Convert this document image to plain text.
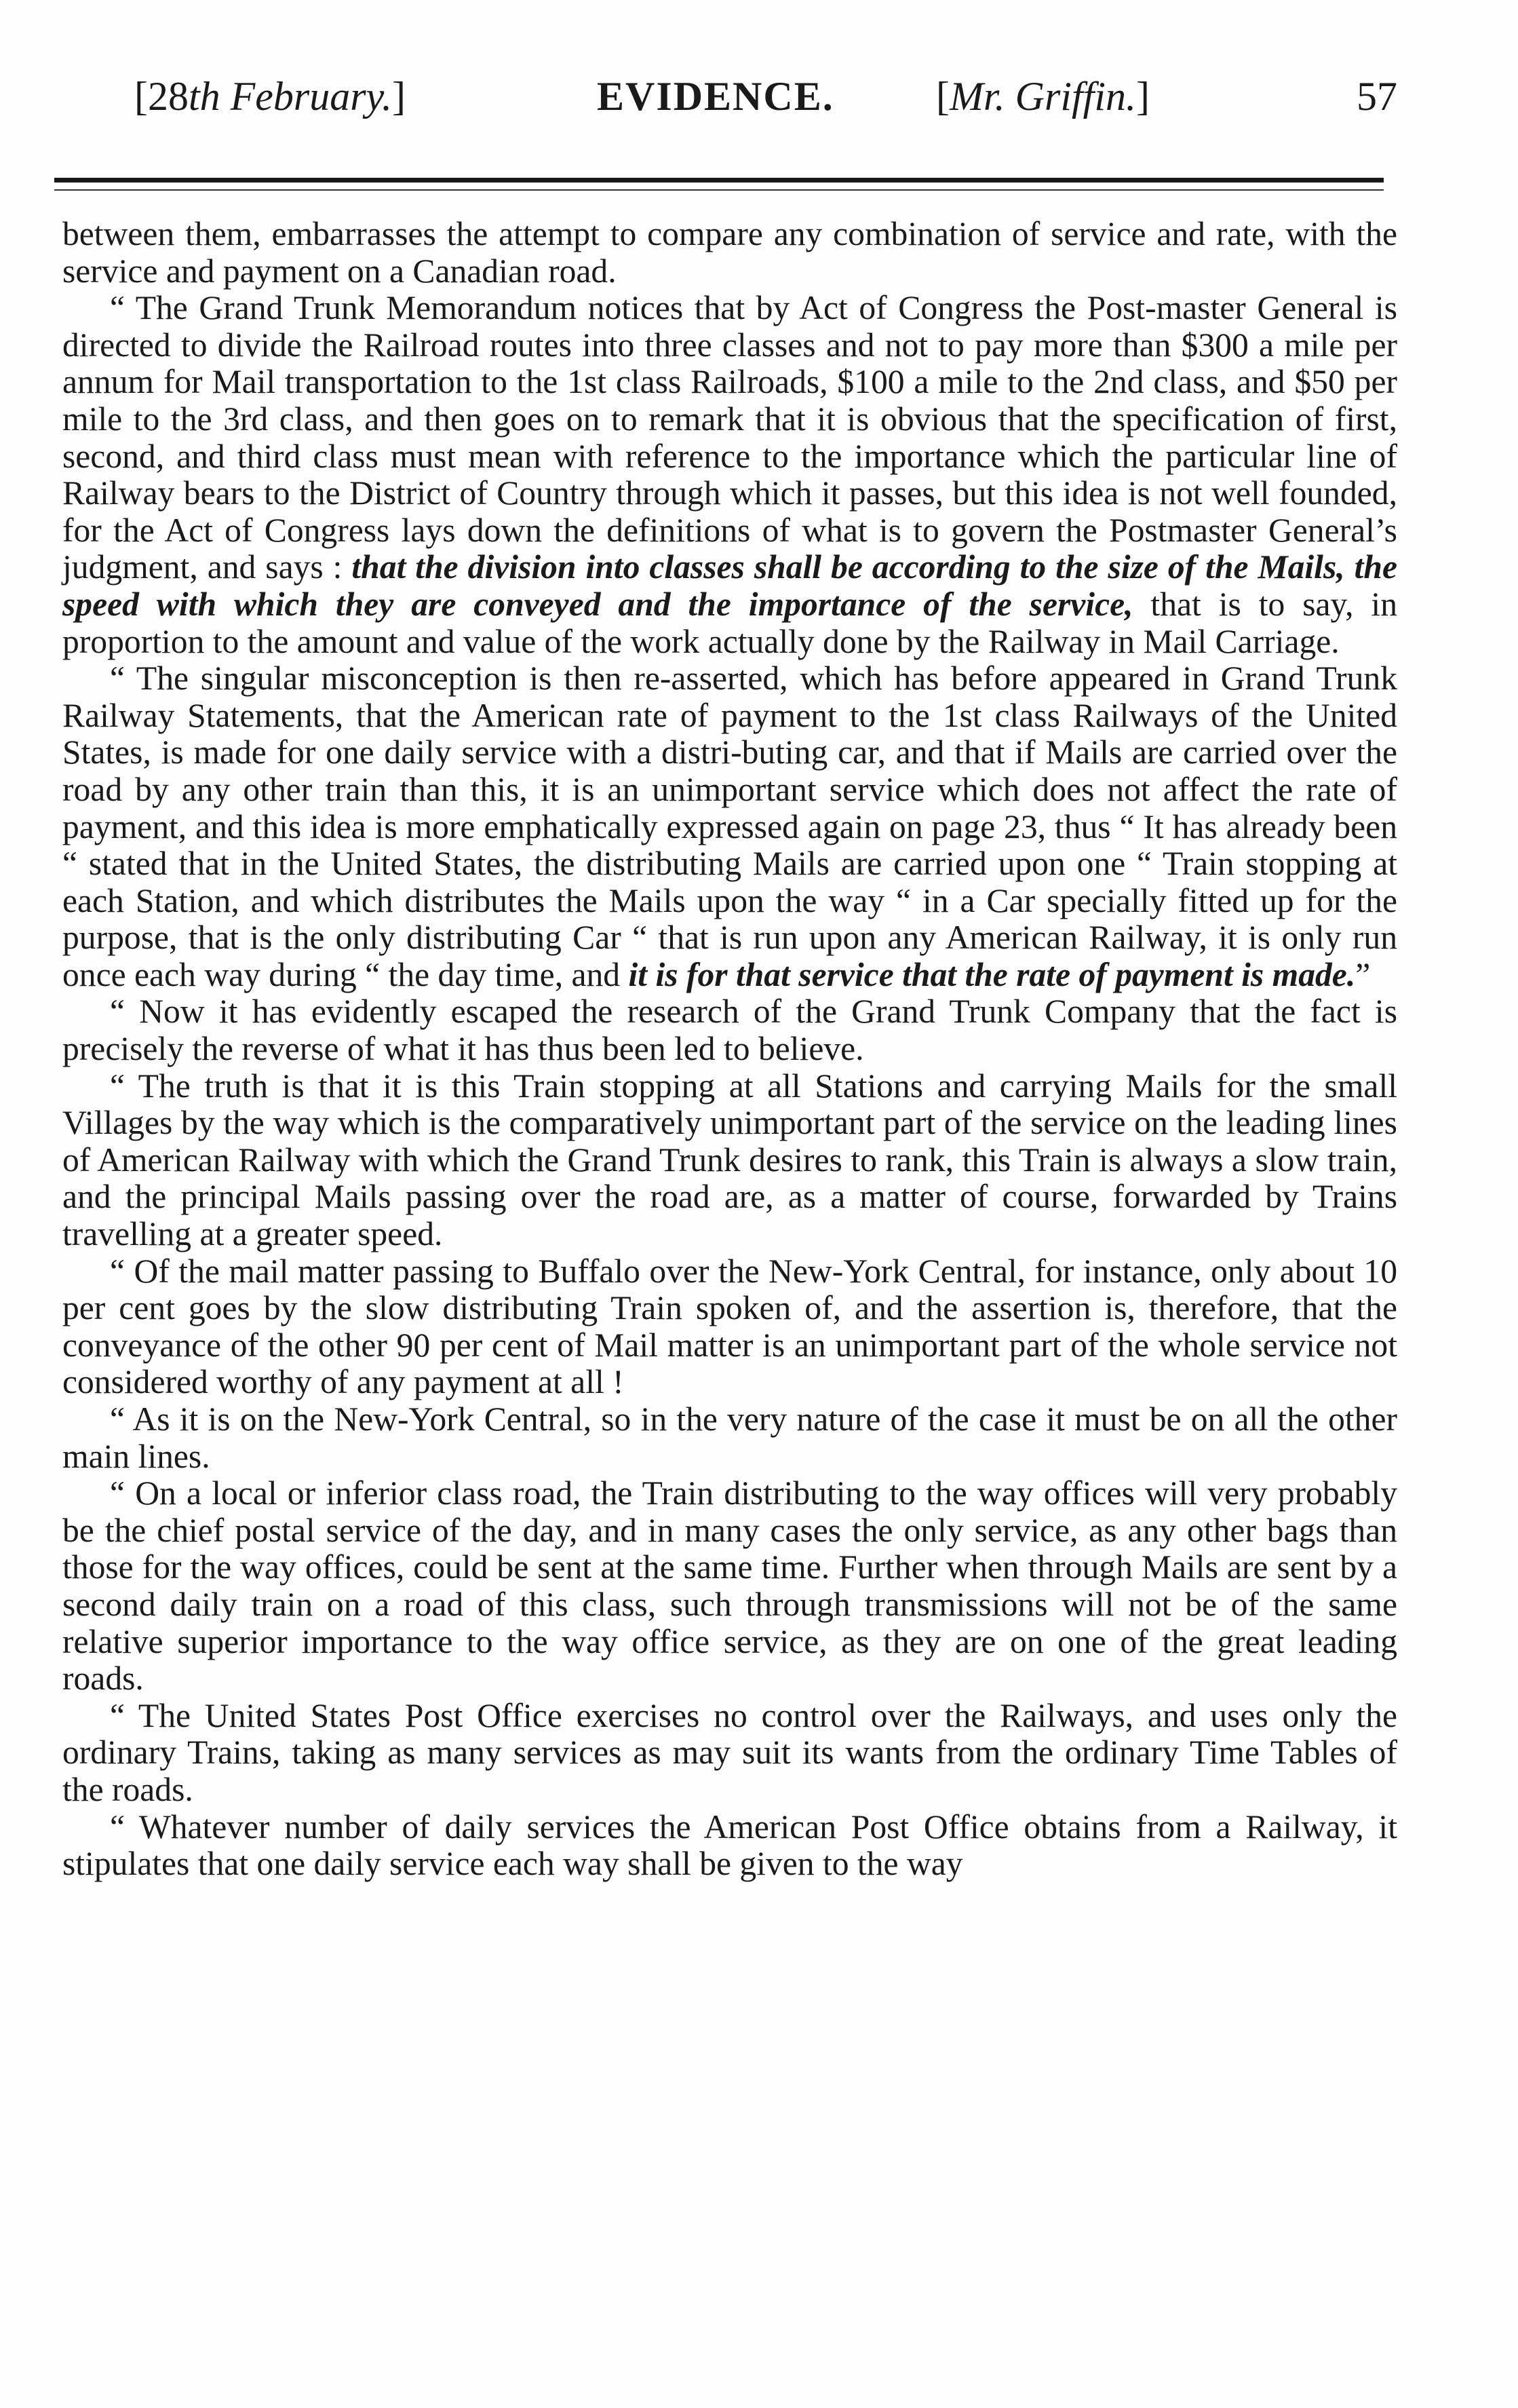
[28th February.]	EVIDENCE.	[Mr. Griffin.]	57

between them, embarrasses the attempt to compare any combination of service and rate, with the service and payment on a Canadian road.

“ The Grand Trunk Memorandum notices that by Act of Congress the Post-master General is directed to divide the Railroad routes into three classes and not to pay more than $300 a mile per annum for Mail transportation to the 1st class Railroads, $100 a mile to the 2nd class, and $50 per mile to the 3rd class, and then goes on to remark that it is obvious that the specification of first, second, and third class must mean with reference to the importance which the particular line of Railway bears to the District of Country through which it passes, but this idea is not well founded, for the Act of Congress lays down the definitions of what is to govern the Postmaster General’s judgment, and says : that the division into classes shall be according to the size of the Mails, the speed with which they are conveyed and the importance of the service, that is to say, in proportion to the amount and value of the work actually done by the Railway in Mail Carriage.

“ The singular misconception is then re-asserted, which has before appeared in Grand Trunk Railway Statements, that the American rate of payment to the 1st class Railways of the United States, is made for one daily service with a distri-buting car, and that if Mails are carried over the road by any other train than this, it is an unimportant service which does not affect the rate of payment, and this idea is more emphatically expressed again on page 23, thus “ It has already been “ stated that in the United States, the distributing Mails are carried upon one “ Train stopping at each Station, and which distributes the Mails upon the way “ in a Car specially fitted up for the purpose, that is the only distributing Car “ that is run upon any American Railway, it is only run once each way during “ the day time, and it is for that service that the rate of payment is made.”

“ Now it has evidently escaped the research of the Grand Trunk Company that the fact is precisely the reverse of what it has thus been led to believe.

“ The truth is that it is this Train stopping at all Stations and carrying Mails for the small Villages by the way which is the comparatively unimportant part of the service on the leading lines of American Railway with which the Grand Trunk desires to rank, this Train is always a slow train, and the principal Mails passing over the road are, as a matter of course, forwarded by Trains travelling at a greater speed.

“ Of the mail matter passing to Buffalo over the New-York Central, for instance, only about 10 per cent goes by the slow distributing Train spoken of, and the assertion is, therefore, that the conveyance of the other 90 per cent of Mail matter is an unimportant part of the whole service not considered worthy of any payment at all !

“ As it is on the New-York Central, so in the very nature of the case it must be on all the other main lines.

“ On a local or inferior class road, the Train distributing to the way offices will very probably be the chief postal service of the day, and in many cases the only service, as any other bags than those for the way offices, could be sent at the same time. Further when through Mails are sent by a second daily train on a road of this class, such through transmissions will not be of the same relative superior importance to the way office service, as they are on one of the great leading roads.

“ The United States Post Office exercises no control over the Railways, and uses only the ordinary Trains, taking as many services as may suit its wants from the ordinary Time Tables of the roads.

“ Whatever number of daily services the American Post Office obtains from a Railway, it stipulates that one daily service each way shall be given to the way
